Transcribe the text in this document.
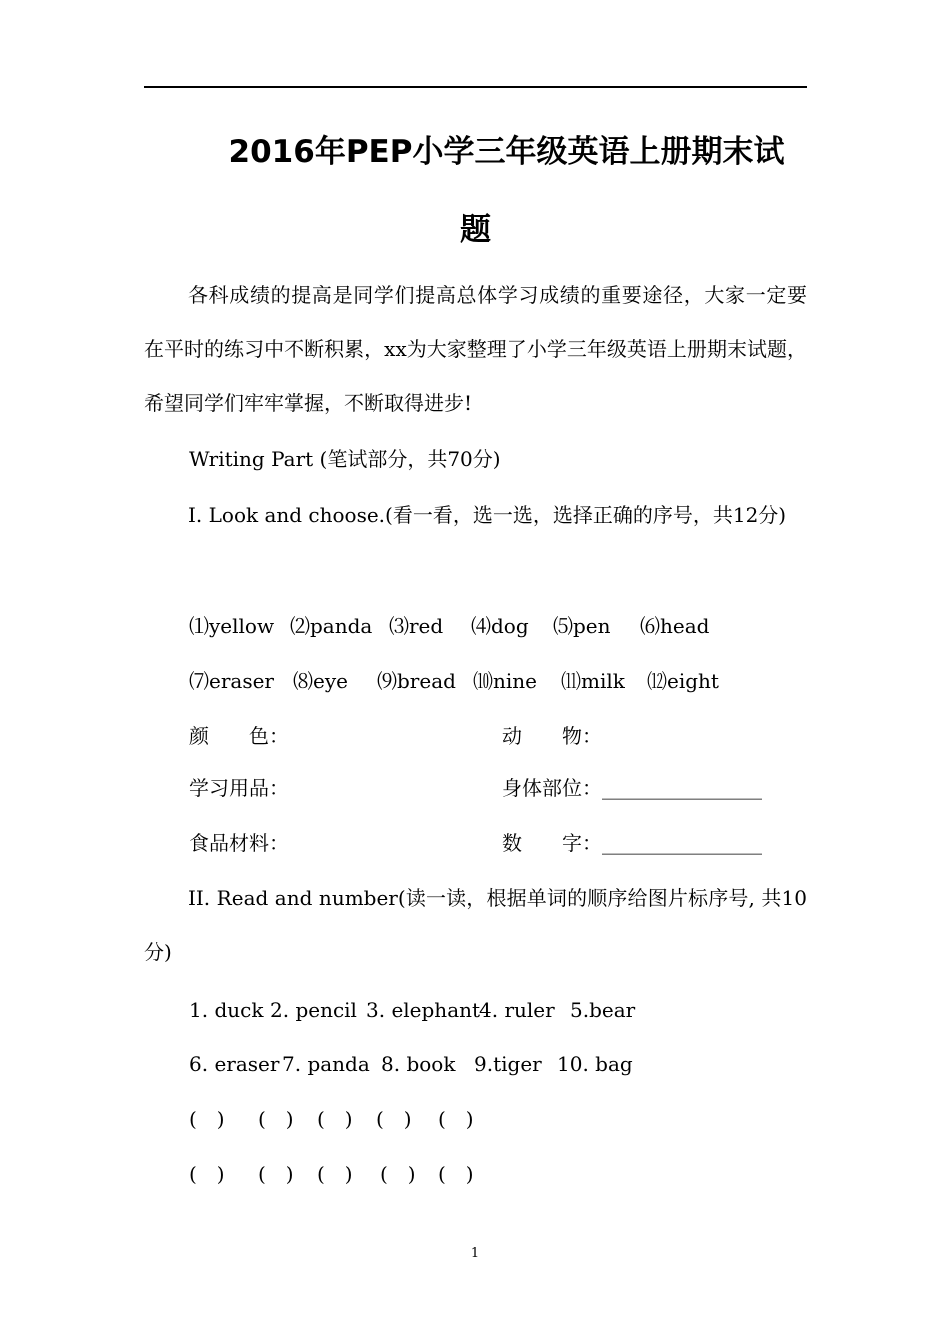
2016年PEP小学三年级英语上册期末试
题
各科成绩的提高是同学们提高总体学习成绩的重要途径，大家一定要在平时的练习中不断积累，xx为大家整理了小学三年级英语上册期末试题，希望同学们牢牢掌握，不断取得进步!
Writing Part (笔试部分，共70分)
I. Look and choose.(看一看，选一选，选择正确的序号，共12分)
⑴yellow ⑵panda ⑶red ⑷dog ⑸pen ⑹head
⑺eraser ⑻eye ⑼bread ⑽nine ⑾milk ⑿eight
颜　　色：	动　　物：
学习用品：	身体部位：________________
食品材料：	数　　字：________________
II. Read and number(读一读，根据单词的顺序给图片标序号, 共10分)
1. duck 2. pencil 3. elephant4. ruler 5.bear
6. eraser 7. panda 8. book 9.tiger 10. bag
(　) (　) (　) (　) (　)
(　) (　) (　) (　) (　)
1
